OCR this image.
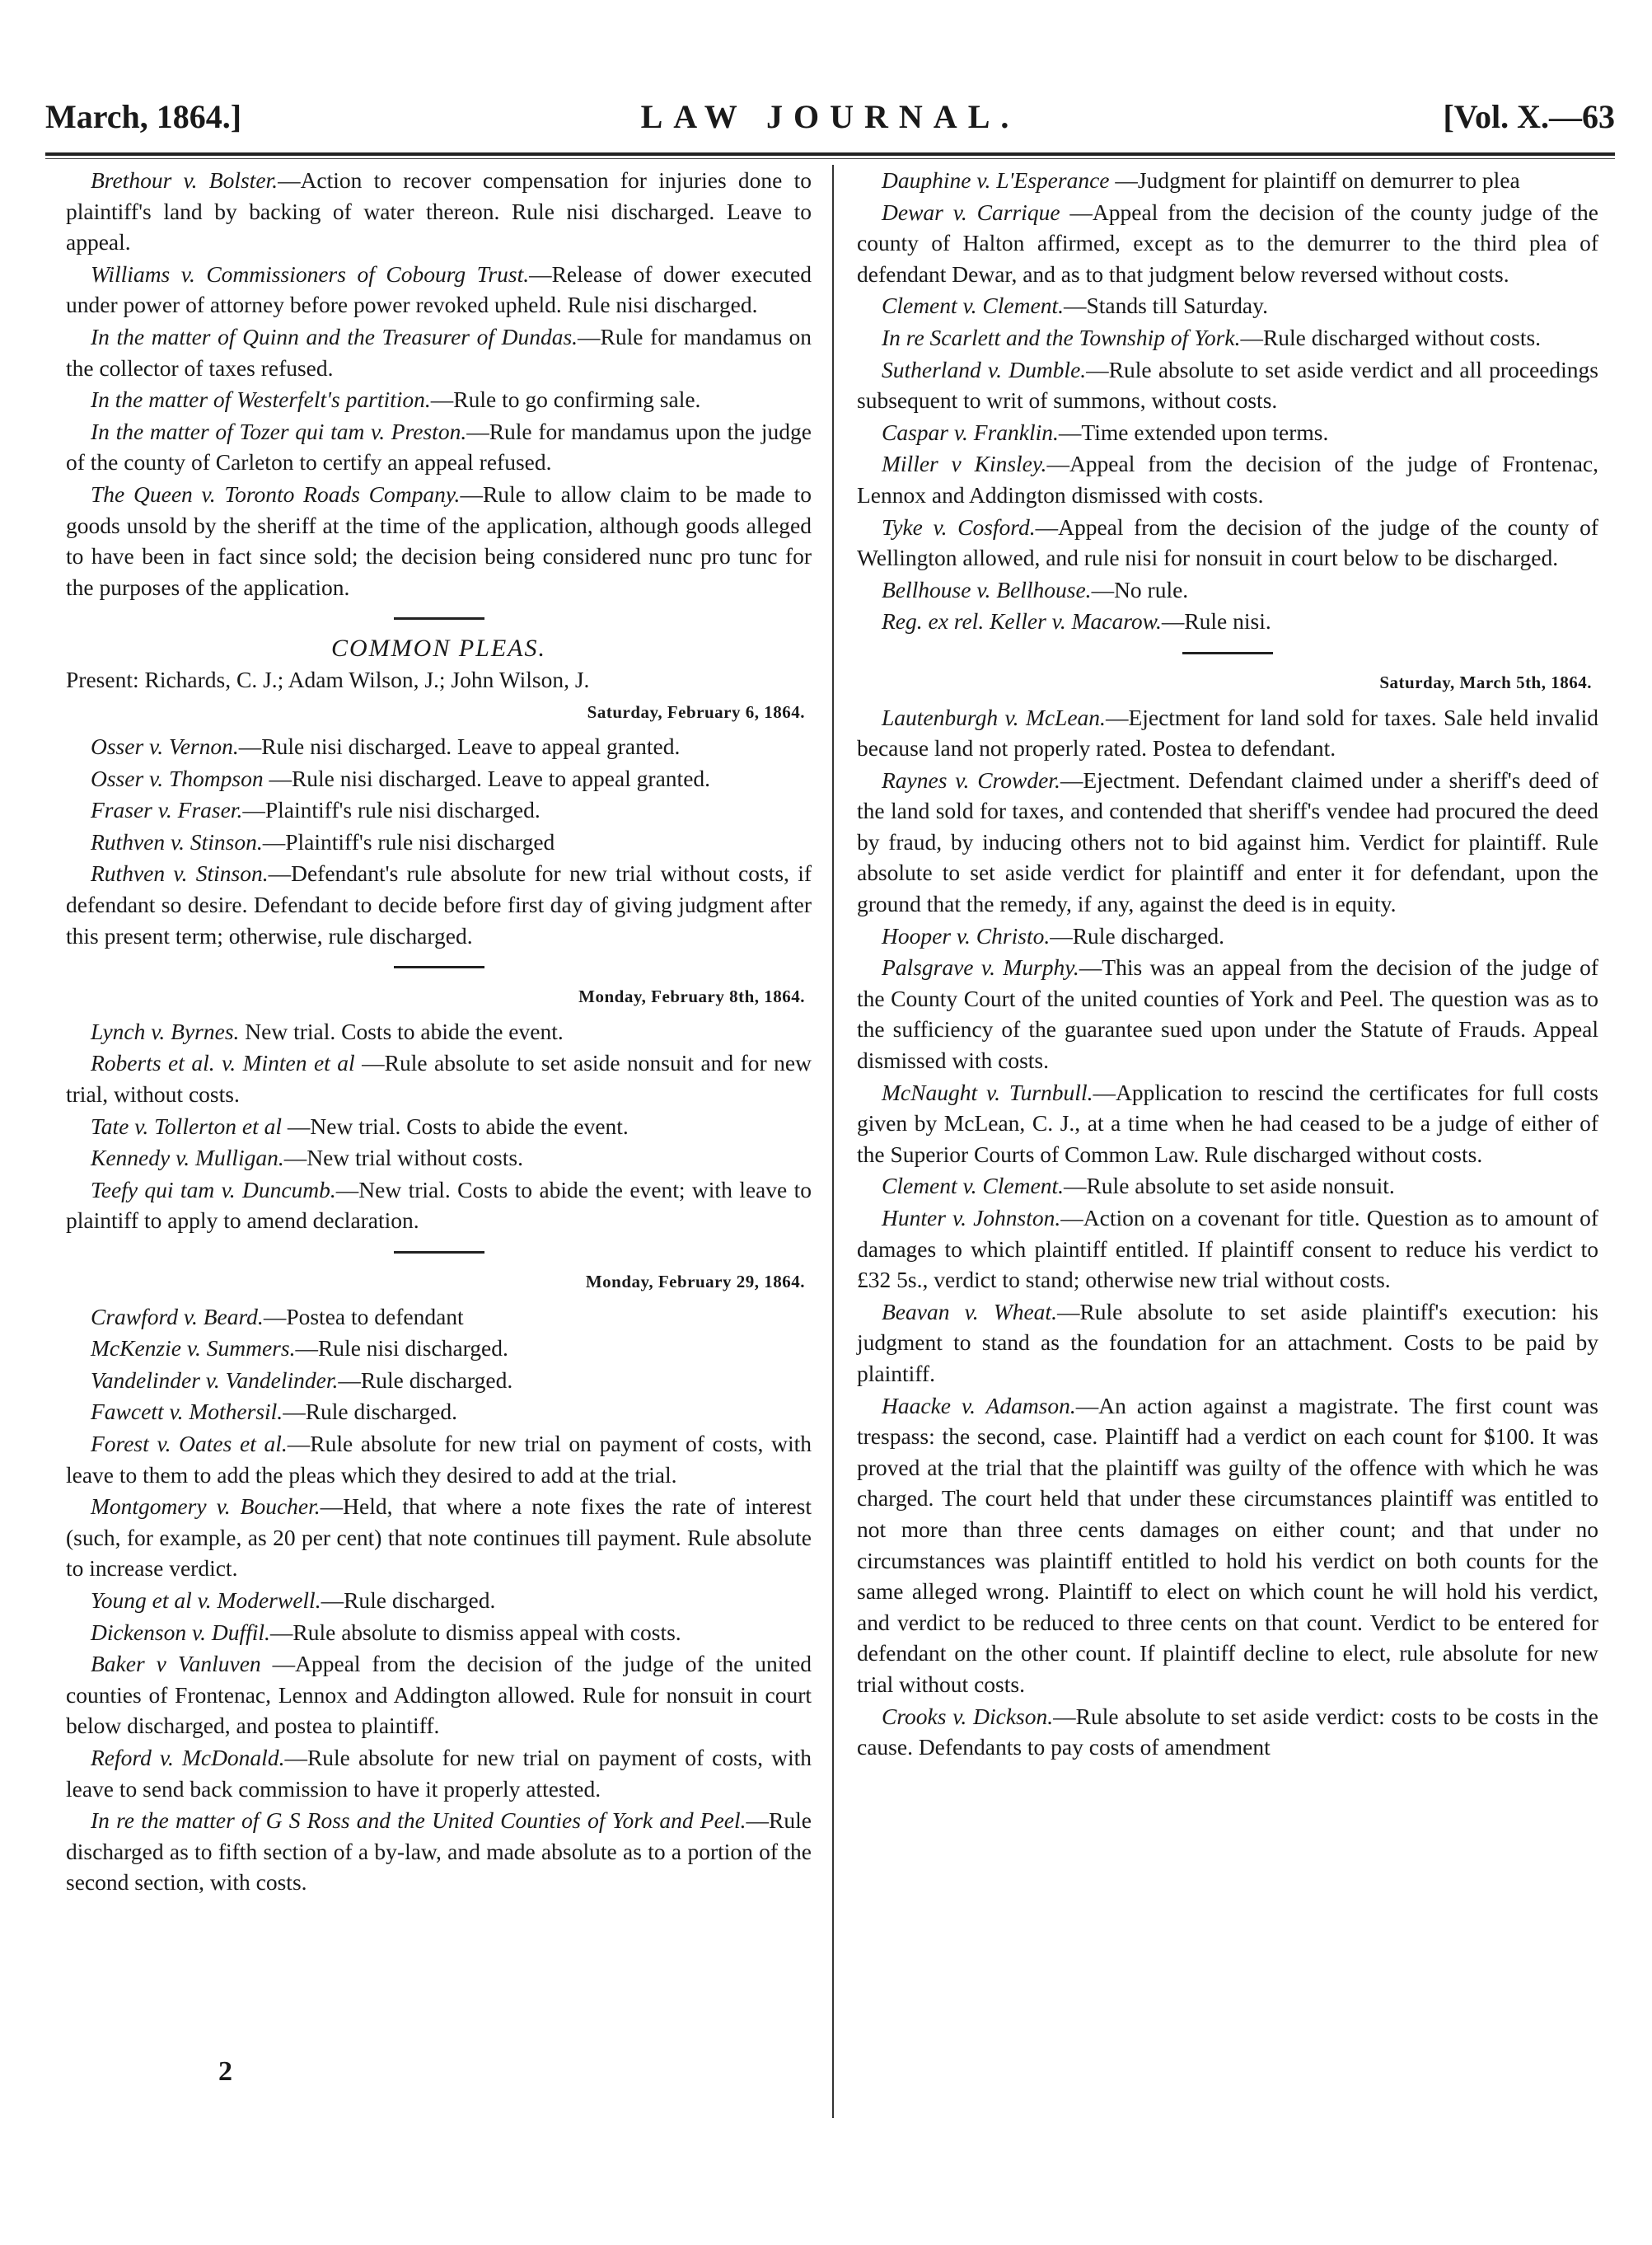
March, 1864.]	LAW JOURNAL.	[Vol. X.—63

Brethour v. Bolster.—Action to recover compensation for injuries done to plaintiff's land by backing of water thereon. Rule nisi discharged. Leave to appeal.

Williams v. Commissioners of Cobourg Trust.—Release of dower executed under power of attorney before power revoked upheld. Rule nisi discharged.

In the matter of Quinn and the Treasurer of Dundas.—Rule for mandamus on the collector of taxes refused.

In the matter of Westerfelt's partition.—Rule to go confirming sale.

In the matter of Tozer qui tam v. Preston.—Rule for mandamus upon the judge of the county of Carleton to certify an appeal refused.

The Queen v. Toronto Roads Company.—Rule to allow claim to be made to goods unsold by the sheriff at the time of the application, although goods alleged to have been in fact since sold; the decision being considered nunc pro tunc for the purposes of the application.

COMMON PLEAS.
Present: Richards, C. J.; Adam Wilson, J.; John Wilson, J.
Saturday, February 6, 1864.

Osser v. Vernon.—Rule nisi discharged. Leave to appeal granted.

Osser v. Thompson —Rule nisi discharged. Leave to appeal granted.

Fraser v. Fraser.—Plaintiff's rule nisi discharged.

Ruthven v. Stinson.—Plaintiff's rule nisi discharged

Ruthven v. Stinson.—Defendant's rule absolute for new trial without costs, if defendant so desire. Defendant to decide before first day of giving judgment after this present term; otherwise, rule discharged.

Monday, February 8th, 1864.

Lynch v. Byrnes. New trial. Costs to abide the event.

Roberts et al. v. Minten et al —Rule absolute to set aside nonsuit and for new trial, without costs.

Tate v. Tollerton et al —New trial. Costs to abide the event.

Kennedy v. Mulligan.—New trial without costs.

Teefy qui tam v. Duncumb.—New trial. Costs to abide the event; with leave to plaintiff to apply to amend declaration.

Monday, February 29, 1864.

Crawford v. Beard.—Postea to defendant

McKenzie v. Summers.—Rule nisi discharged.

Vandelinder v. Vandelinder.—Rule discharged.

Fawcett v. Mothersil.—Rule discharged.

Forest v. Oates et al.—Rule absolute for new trial on payment of costs, with leave to them to add the pleas which they desired to add at the trial.

Montgomery v. Boucher.—Held, that where a note fixes the rate of interest (such, for example, as 20 per cent) that note continues till payment. Rule absolute to increase verdict.

Young et al v. Moderwell.—Rule discharged.

Dickenson v. Duffil.—Rule absolute to dismiss appeal with costs.

Baker v Vanluven —Appeal from the decision of the judge of the united counties of Frontenac, Lennox and Addington allowed. Rule for nonsuit in court below discharged, and postea to plaintiff.

Reford v. McDonald.—Rule absolute for new trial on payment of costs, with leave to send back commission to have it properly attested.

In re the matter of G S Ross and the United Counties of York and Peel.—Rule discharged as to fifth section of a by-law, and made absolute as to a portion of the second section, with costs.

Dauphine v. L'Esperance —Judgment for plaintiff on demurrer to plea

Dewar v. Carrique —Appeal from the decision of the county judge of the county of Halton affirmed, except as to the demurrer to the third plea of defendant Dewar, and as to that judgment below reversed without costs.

Clement v. Clement.—Stands till Saturday.

In re Scarlett and the Township of York.—Rule discharged without costs.

Sutherland v. Dumble.—Rule absolute to set aside verdict and all proceedings subsequent to writ of summons, without costs.

Caspar v. Franklin.—Time extended upon terms.

Miller v Kinsley.—Appeal from the decision of the judge of Frontenac, Lennox and Addington dismissed with costs.

Tyke v. Cosford.—Appeal from the decision of the judge of the county of Wellington allowed, and rule nisi for nonsuit in court below to be discharged.

Bellhouse v. Bellhouse.—No rule.

Reg. ex rel. Keller v. Macarow.—Rule nisi.

Saturday, March 5th, 1864.

Lautenburgh v. McLean.—Ejectment for land sold for taxes. Sale held invalid because land not properly rated. Postea to defendant.

Raynes v. Crowder.—Ejectment. Defendant claimed under a sheriff's deed of the land sold for taxes, and contended that sheriff's vendee had procured the deed by fraud, by inducing others not to bid against him. Verdict for plaintiff. Rule absolute to set aside verdict for plaintiff and enter it for defendant, upon the ground that the remedy, if any, against the deed is in equity.

Hooper v. Christo.—Rule discharged.

Palsgrave v. Murphy.—This was an appeal from the decision of the judge of the County Court of the united counties of York and Peel. The question was as to the sufficiency of the guarantee sued upon under the Statute of Frauds. Appeal dismissed with costs.

McNaught v. Turnbull.—Application to rescind the certificates for full costs given by McLean, C. J., at a time when he had ceased to be a judge of either of the Superior Courts of Common Law. Rule discharged without costs.

Clement v. Clement.—Rule absolute to set aside nonsuit.

Hunter v. Johnston.—Action on a covenant for title. Question as to amount of damages to which plaintiff entitled. If plaintiff consent to reduce his verdict to £32 5s., verdict to stand; otherwise new trial without costs.

Beavan v. Wheat.—Rule absolute to set aside plaintiff's execution: his judgment to stand as the foundation for an attachment. Costs to be paid by plaintiff.

Haacke v. Adamson.—An action against a magistrate. The first count was trespass: the second, case. Plaintiff had a verdict on each count for $100. It was proved at the trial that the plaintiff was guilty of the offence with which he was charged. The court held that under these circumstances plaintiff was entitled to not more than three cents damages on either count; and that under no circumstances was plaintiff entitled to hold his verdict on both counts for the same alleged wrong. Plaintiff to elect on which count he will hold his verdict, and verdict to be reduced to three cents on that count. Verdict to be entered for defendant on the other count. If plaintiff decline to elect, rule absolute for new trial without costs.

Crooks v. Dickson.—Rule absolute to set aside verdict: costs to be costs in the cause. Defendants to pay costs of amendment

2
